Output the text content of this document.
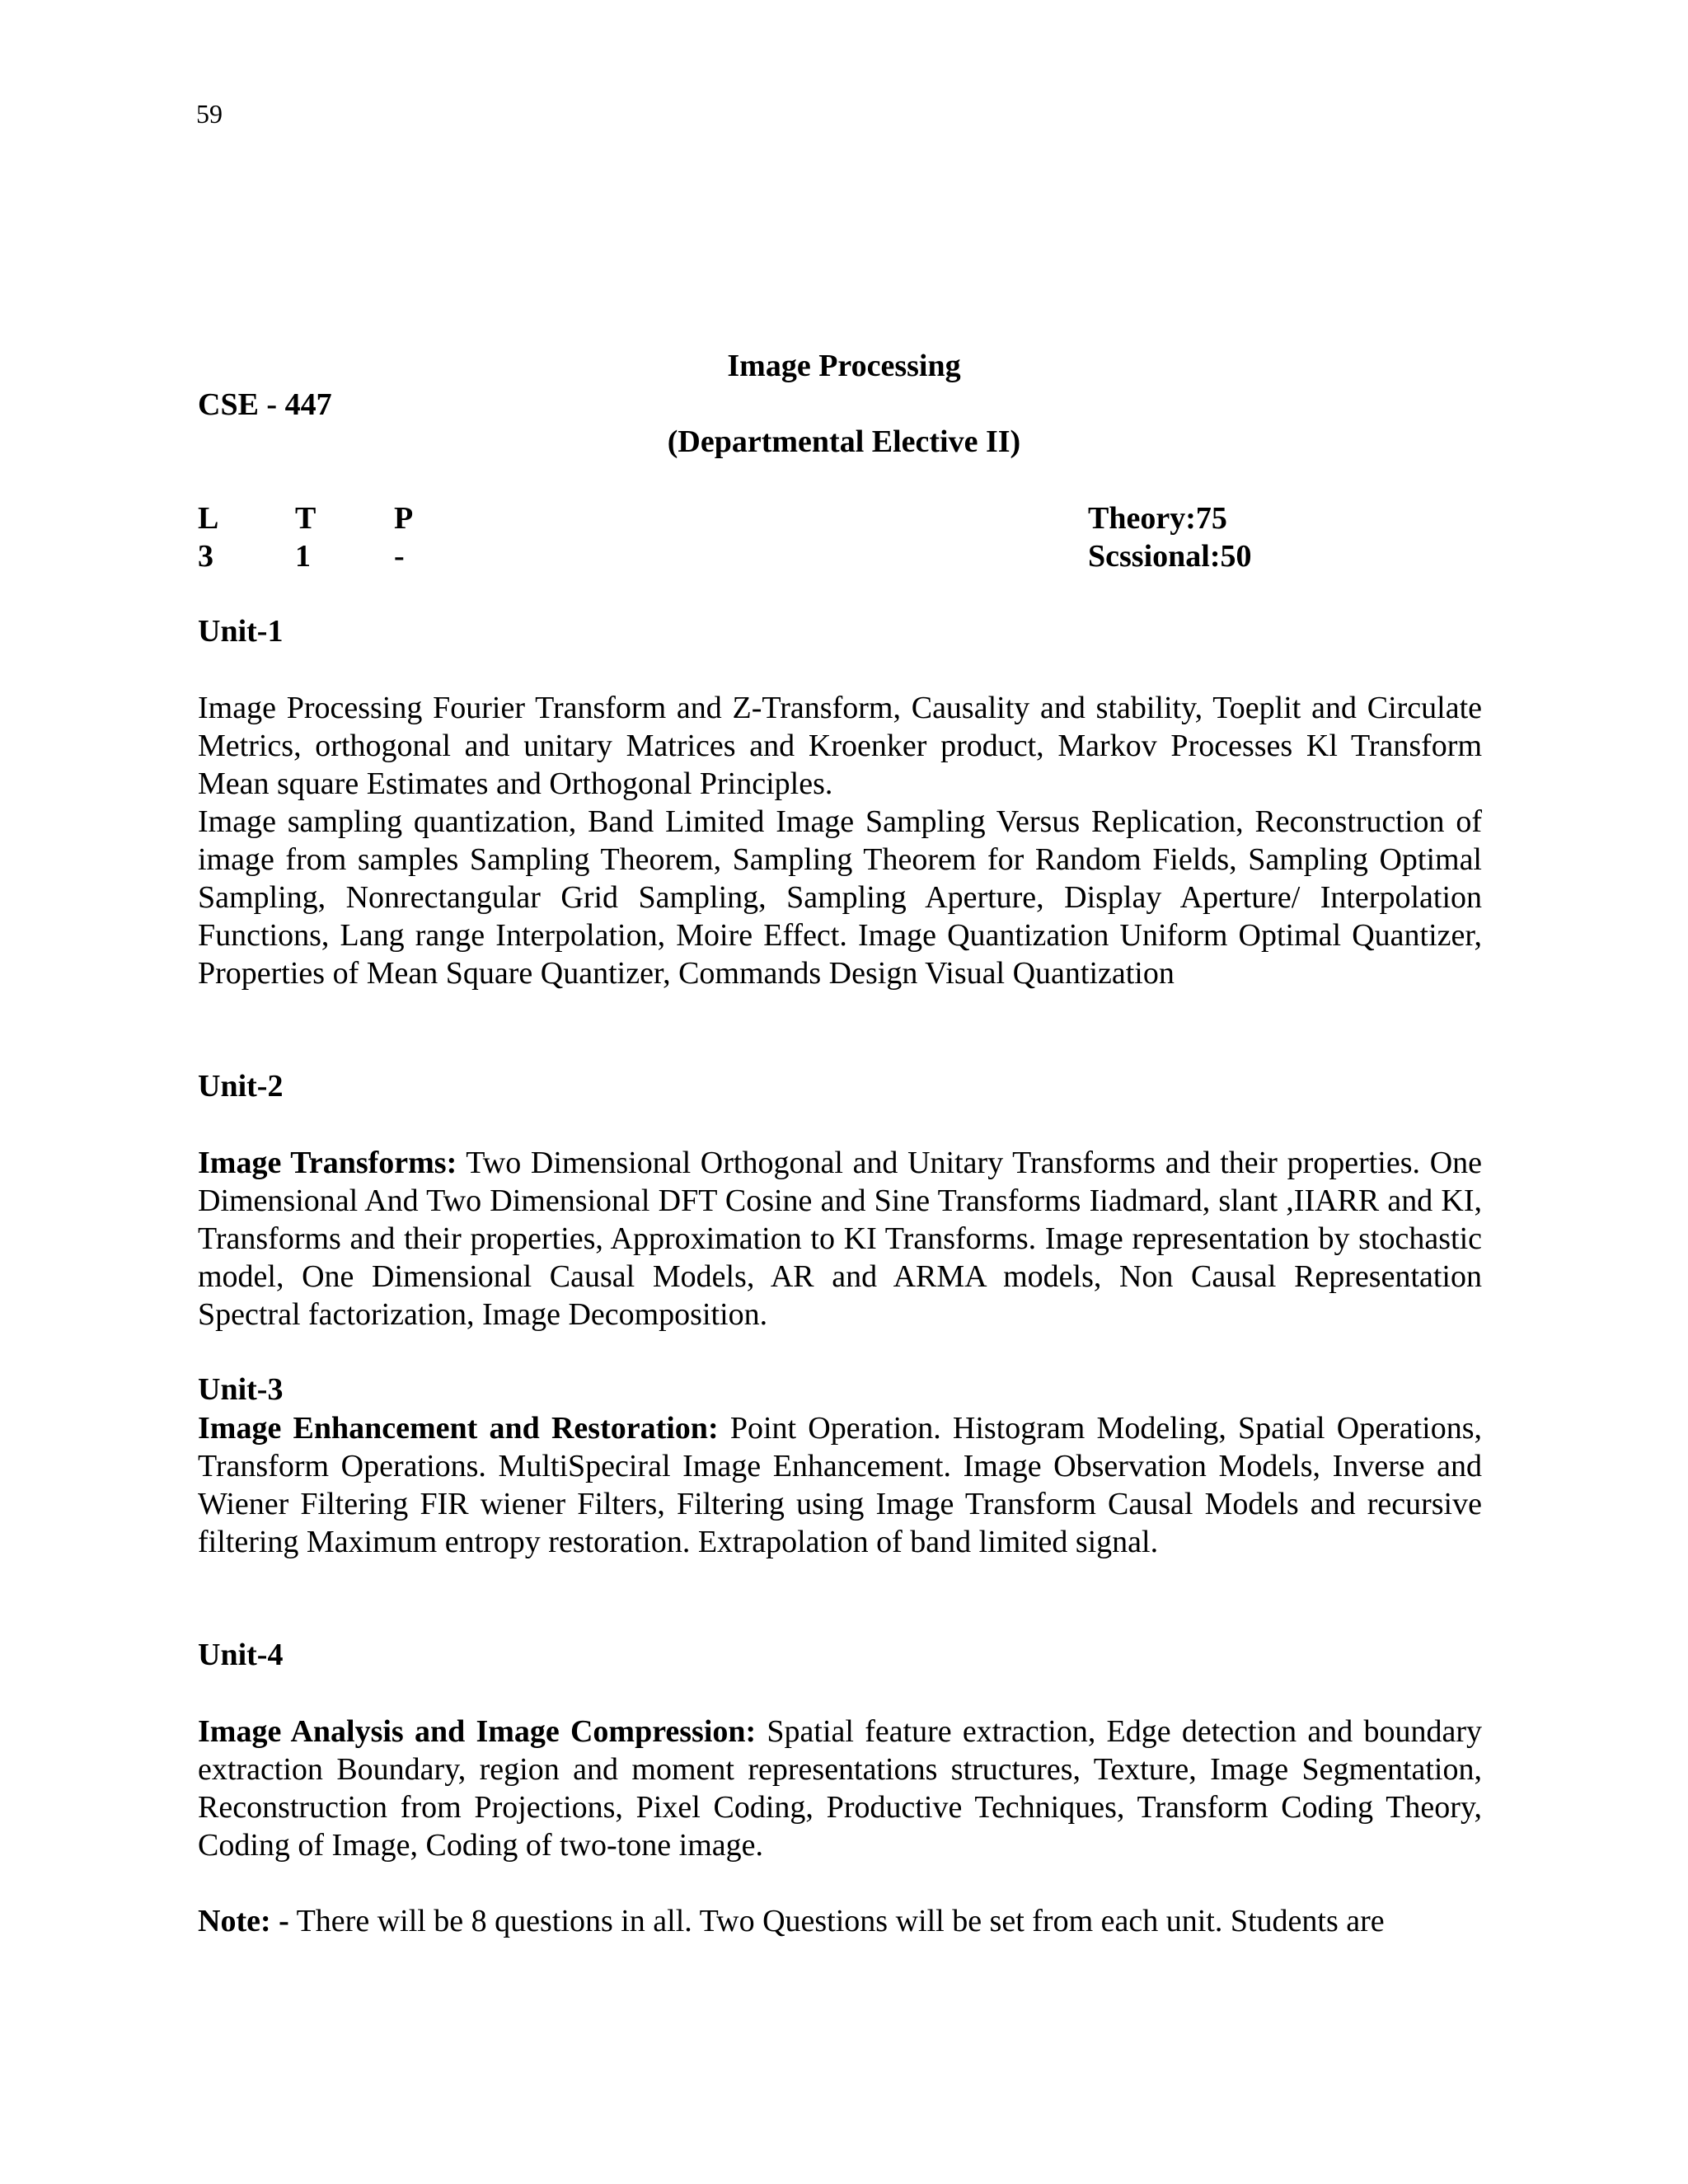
59
Image Processing
CSE - 447
(Departmental Elective II)
L T P	Theory:75
3	1	-	Scssional:50
Unit-1

Image Processing Fourier Transform and Z-Transform, Causality and stability, Toeplit and Circulate Metrics, orthogonal and unitary Matrices and Kroenker product, Markov Processes Kl Transform Mean square Estimates and Orthogonal Principles.

Image sampling quantization, Band Limited Image Sampling Versus Replication, Reconstruction of image from samples Sampling Theorem, Sampling Theorem for Random Fields, Sampling Optimal Sampling, Nonrectangular Grid Sampling, Sampling Aperture, Display Aperture/ Interpolation Functions, Lang range Interpolation, Moire Effect. Image Quantization Uniform Optimal Quantizer, Properties of Mean Square Quantizer, Commands Design Visual Quantization

Unit-2

Image Transforms: Two Dimensional Orthogonal and Unitary Transforms and their properties. One Dimensional And Two Dimensional DFT Cosine and Sine Transforms Iiadmard, slant ,IIARR and KI, Transforms and their properties, Approximation to KI Transforms. Image representation by stochastic model, One Dimensional Causal Models, AR and ARMA models, Non Causal Representation Spectral factorization, Image Decomposition.

Unit-3

Image Enhancement and Restoration: Point Operation. Histogram Modeling, Spatial Operations, Transform Operations. MultiSpeciral Image Enhancement. Image Observation Models, Inverse and Wiener Filtering FIR wiener Filters, Filtering using Image Transform Causal Models and recursive filtering Maximum entropy restoration. Extrapolation of band limited signal.

Unit-4

Image Analysis and Image Compression: Spatial feature extraction, Edge detection and boundary extraction Boundary, region and moment representations structures, Texture, Image Segmentation, Reconstruction from Projections, Pixel Coding, Productive Techniques, Transform Coding Theory, Coding of Image, Coding of two-tone image.

Note: - There will be 8 questions in all. Two Questions will be set from each unit. Students are
